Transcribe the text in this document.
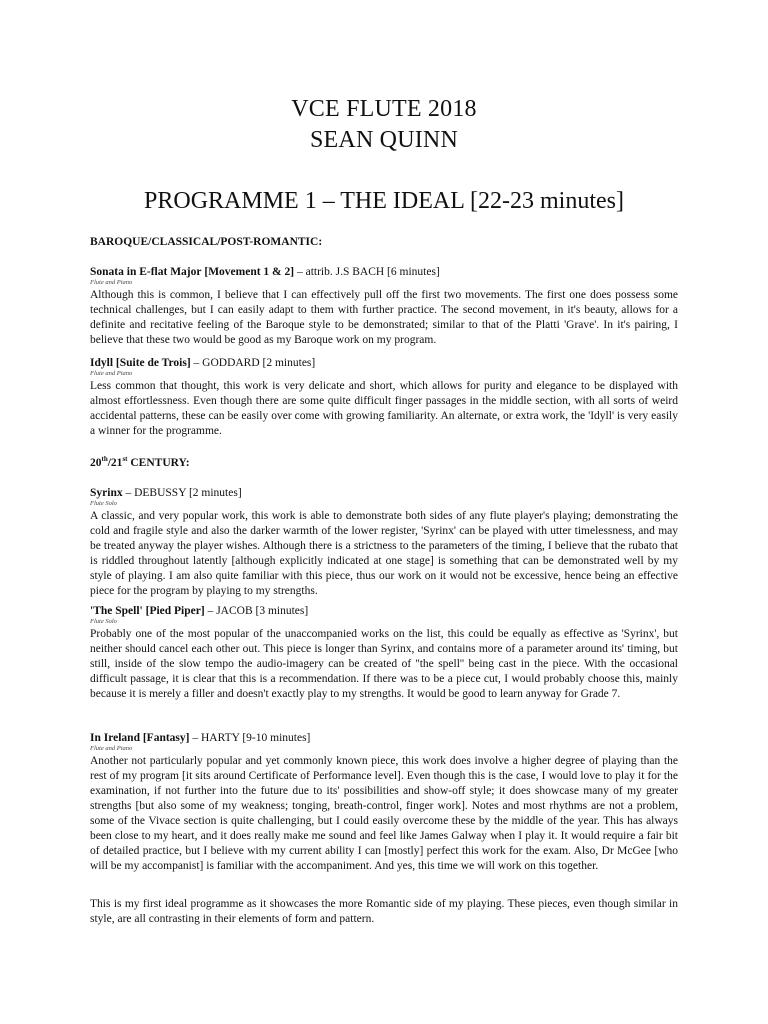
VCE FLUTE 2018
SEAN QUINN
PROGRAMME 1 – THE IDEAL [22-23 minutes]
BAROQUE/CLASSICAL/POST-ROMANTIC:
Sonata in E-flat Major [Movement 1 & 2] – attrib. J.S BACH [6 minutes]
Flute and Piano

Although this is common, I believe that I can effectively pull off the first two movements. The first one does possess some technical challenges, but I can easily adapt to them with further practice. The second movement, in it's beauty, allows for a definite and recitative feeling of the Baroque style to be demonstrated; similar to that of the Platti 'Grave'. In it's pairing, I believe that these two would be good as my Baroque work on my program.

Idyll [Suite de Trois] – GODDARD [2 minutes]
Flute and Piano

Less common that thought, this work is very delicate and short, which allows for purity and elegance to be displayed with almost effortlessness. Even though there are some quite difficult finger passages in the middle section, with all sorts of weird accidental patterns, these can be easily over come with growing familiarity. An alternate, or extra work, the 'Idyll' is very easily a winner for the programme.

20th/21st CENTURY:
Syrinx – DEBUSSY [2 minutes]
Flute Solo

A classic, and very popular work, this work is able to demonstrate both sides of any flute player's playing; demonstrating the cold and fragile style and also the darker warmth of the lower register, 'Syrinx' can be played with utter timelessness, and may be treated anyway the player wishes. Although there is a strictness to the parameters of the timing, I believe that the rubato that is riddled throughout latently [although explicitly indicated at one stage] is something that can be demonstrated well by my style of playing. I am also quite familiar with this piece, thus our work on it would not be excessive, hence being an effective piece for the program by playing to my strengths.

'The Spell' [Pied Piper] – JACOB [3 minutes]
Flute Solo

Probably one of the most popular of the unaccompanied works on the list, this could be equally as effective as 'Syrinx', but neither should cancel each other out. This piece is longer than Syrinx, and contains more of a parameter around its' timing, but still, inside of the slow tempo the audio-imagery can be created of ''the spell'' being cast in the piece. With the occasional difficult passage, it is clear that this is a recommendation. If there was to be a piece cut, I would probably choose this, mainly because it is merely a filler and doesn't exactly play to my strengths. It would be good to learn anyway for Grade 7.

In Ireland [Fantasy] – HARTY [9-10 minutes]
Flute and Piano

Another not particularly popular and yet commonly known piece, this work does involve a higher degree of playing than the rest of my program [it sits around Certificate of Performance level]. Even though this is the case, I would love to play it for the examination, if not further into the future due to its' possibilities and show-off style; it does showcase many of my greater strengths [but also some of my weakness; tonging, breath-control, finger work]. Notes and most rhythms are not a problem, some of the Vivace section is quite challenging, but I could easily overcome these by the middle of the year. This has always been close to my heart, and it does really make me sound and feel like James Galway when I play it. It would require a fair bit of detailed practice, but I believe with my current ability I can [mostly] perfect this work for the exam. Also, Dr McGee [who will be my accompanist] is familiar with the accompaniment. And yes, this time we will work on this together.

This is my first ideal programme as it showcases the more Romantic side of my playing. These pieces, even though similar in style, are all contrasting in their elements of form and pattern.
